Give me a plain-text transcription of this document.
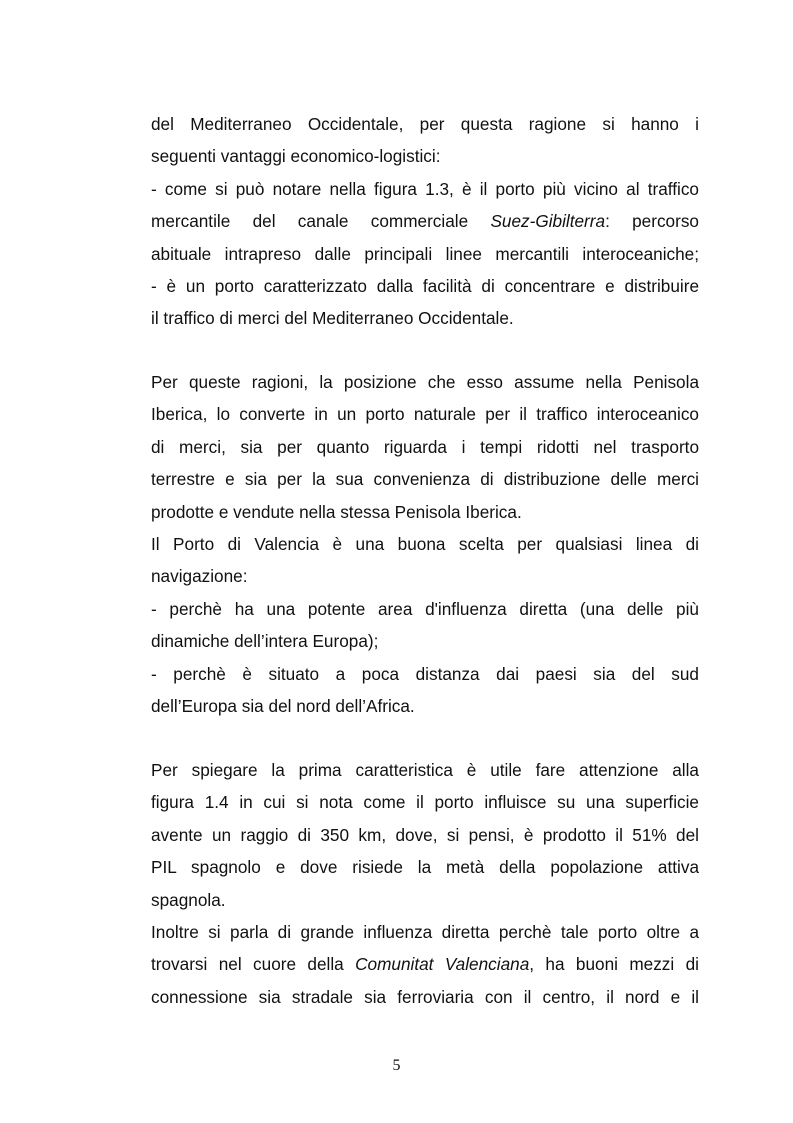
del Mediterraneo Occidentale, per questa ragione si hanno i
seguenti vantaggi economico-logistici:
- come si può notare nella figura 1.3, è il porto più vicino al traffico
mercantile del canale commerciale Suez-Gibilterra: percorso
abituale intrapreso dalle principali linee mercantili interoceaniche;
- è un porto caratterizzato dalla facilità di concentrare e distribuire
il traffico di merci del Mediterraneo Occidentale.
Per queste ragioni, la posizione che esso assume nella Penisola
Iberica, lo converte in un porto naturale per il traffico interoceanico
di merci, sia per quanto riguarda i tempi ridotti nel trasporto
terrestre e sia per la sua convenienza di distribuzione delle merci
prodotte e vendute nella stessa Penisola Iberica.
Il Porto di Valencia è una buona scelta per qualsiasi linea di
navigazione:
- perchè ha una potente area d'influenza diretta (una delle più
dinamiche dell’intera Europa);
- perchè è situato a poca distanza dai paesi sia del sud
dell’Europa sia del nord dell’Africa.
Per spiegare la prima caratteristica è utile fare attenzione alla
figura 1.4 in cui si nota come il porto influisce su una superficie
avente un raggio di 350 km, dove, si pensi, è prodotto il 51% del
PIL spagnolo e dove risiede la metà della popolazione attiva
spagnola.
Inoltre si parla di grande influenza diretta perchè tale porto oltre a
trovarsi nel cuore della Comunitat Valenciana, ha buoni mezzi di
connessione sia stradale sia ferroviaria con il centro, il nord e il
5
